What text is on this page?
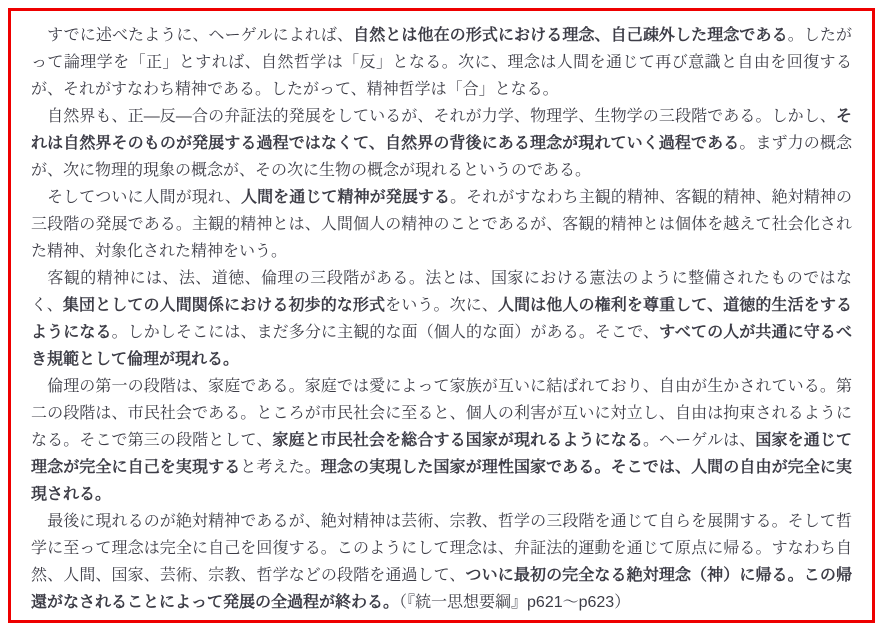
　すでに述べたように、ヘーゲルによれば、自然とは他在の形式における理念、自己疎外した理念である。したがって論理学を「正」とすれば、自然哲学は「反」となる。次に、理念は人間を通じて再び意識と自由を回復するが、それがすなわち精神である。したがって、精神哲学は「合」となる。

　自然界も、正―反―合の弁証法的発展をしているが、それが力学、物理学、生物学の三段階である。しかし、それは自然界そのものが発展する過程ではなくて、自然界の背後にある理念が現れていく過程である。まず力の概念が、次に物理的現象の概念が、その次に生物の概念が現れるというのである。

　そしてついに人間が現れ、人間を通じて精神が発展する。それがすなわち主観的精神、客観的精神、絶対精神の三段階の発展である。主観的精神とは、人間個人の精神のことであるが、客観的精神とは個体を越えて社会化された精神、対象化された精神をいう。

　客観的精神には、法、道徳、倫理の三段階がある。法とは、国家における憲法のように整備されたものではなく、集団としての人間関係における初歩的な形式をいう。次に、人間は他人の権利を尊重して、道徳的生活をするようになる。しかしそこには、まだ多分に主観的な面（個人的な面）がある。そこで、すべての人が共通に守るべき規範として倫理が現れる。

　倫理の第一の段階は、家庭である。家庭では愛によって家族が互いに結ばれており、自由が生かされている。第二の段階は、市民社会である。ところが市民社会に至ると、個人の利害が互いに対立し、自由は拘束されるようになる。そこで第三の段階として、家庭と市民社会を総合する国家が現れるようになる。ヘーゲルは、国家を通じて理念が完全に自己を実現すると考えた。理念の実現した国家が理性国家である。そこでは、人間の自由が完全に実現される。

　最後に現れるのが絶対精神であるが、絶対精神は芸術、宗教、哲学の三段階を通じて自らを展開する。そして哲学に至って理念は完全に自己を回復する。このようにして理念は、弁証法的運動を通じて原点に帰る。すなわち自然、人間、国家、芸術、宗教、哲学などの段階を通過して、ついに最初の完全なる絶対理念（神）に帰る。この帰還がなされることによって発展の全過程が終わる。（『統一思想要綱』p621～p623）
